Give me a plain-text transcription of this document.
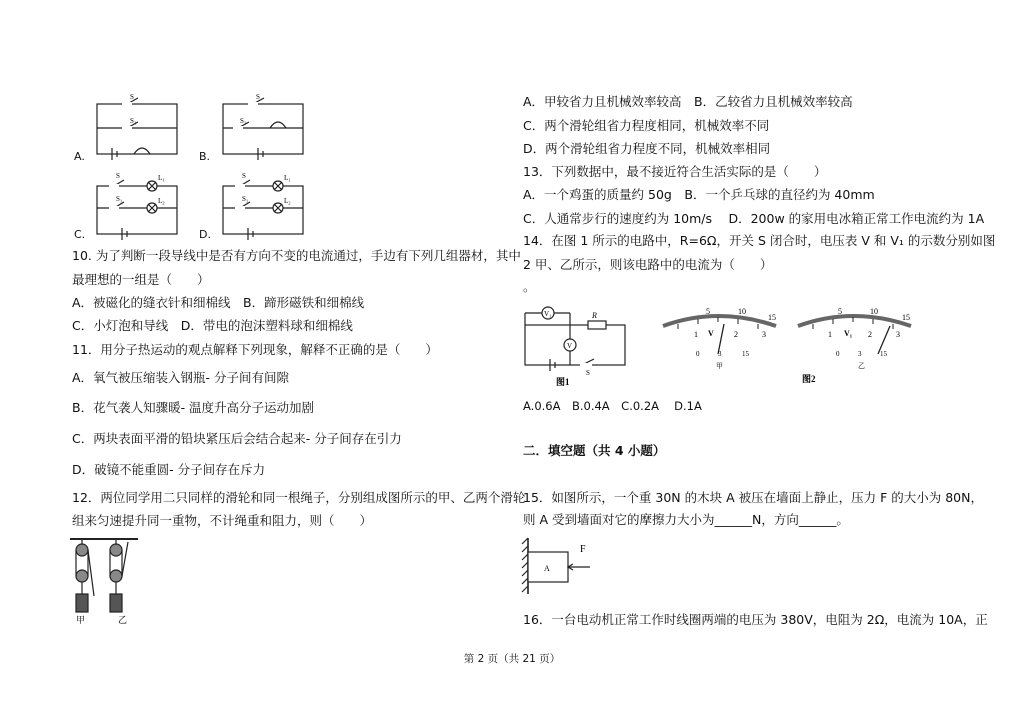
S
S₁
A.
S
S₁
B.
S
S₁
L₁
L₂
C.
S
S₁
L₁
L₂
D.
10. 为了判断一段导线中是否有方向不变的电流通过，手边有下列几组器材，其中
最理想的一组是（　　）
A．被磁化的缝衣针和细棉线　B．蹄形磁铁和细棉线
C．小灯泡和导线　D．带电的泡沫塑料球和细棉线
11．用分子热运动的观点解释下列现象，解释不正确的是（　　）
A．氧气被压缩装入钢瓶- 分子间有间隙
B．花气袭人知骤暖- 温度升高分子运动加剧
C．两块表面平滑的铅块紧压后会结合起来- 分子间存在引力
D．破镜不能重圆- 分子间存在斥力
12．两位同学用二只同样的滑轮和同一根绳子，分别组成图所示的甲、乙两个滑轮
组来匀速提升同一重物，不计绳重和阻力，则（　　）
甲	乙
A．甲较省力且机械效率较高　B．乙较省力且机械效率较高
C．两个滑轮组省力程度相同，机械效率不同
D．两个滑轮组省力程度不同，机械效率相同
13．下列数据中，最不接近符合生活实际的是（　　）
A．一个鸡蛋的质量约 50g　B．一个乒乓球的直径约为 40mm
C．人通常步行的速度约为 10m/s　 D．200w 的家用电冰箱正常工作电流约为 1A
14．在图 1 所示的电路中，R=6Ω，开关 S 闭合时，电压表 V 和 V₁ 的示数分别如图
2 甲、乙所示，则该电路中的电流为（　　）
。
V₁
V
R
S
图1
5	10
15
1	2	3
V
0	3	15
甲
5	10
15
1	2	3
V₁
0	3	15
乙
图2
A.0.6A　B.0.4A　C.0.2A　 D.1A
二．填空题（共 4 小题）
15．如图所示，一个重 30N 的木块 A 被压在墙面上静止，压力 F 的大小为 80N，
则 A 受到墙面对它的摩擦力大小为______N，方向______。
A
F
16．一台电动机正常工作时线圈两端的电压为 380V，电阻为 2Ω，电流为 10A，正
第 2 页（共 21 页）
